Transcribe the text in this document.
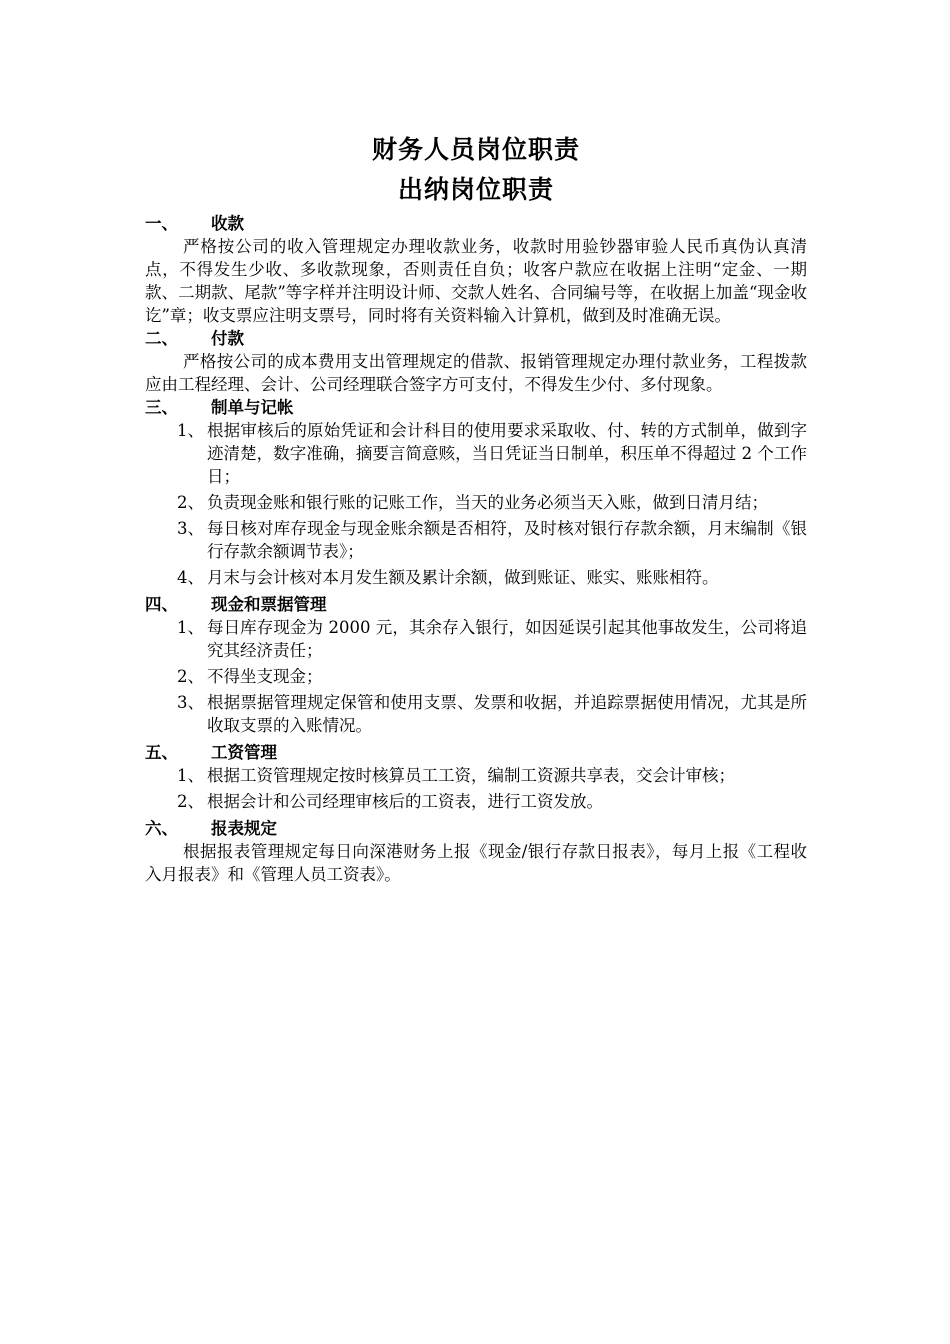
财务人员岗位职责
出纳岗位职责

一、 收款

严格按公司的收入管理规定办理收款业务，收款时用验钞器审验人民币真伪认真清点，不得发生少收、多收款现象，否则责任自负；收客户款应在收据上注明“定金、一期款、二期款、尾款”等字样并注明设计师、交款人姓名、合同编号等，在收据上加盖“现金收讫”章；收支票应注明支票号，同时将有关资料输入计算机，做到及时准确无误。

二、 付款

严格按公司的成本费用支出管理规定的借款、报销管理规定办理付款业务，工程拨款应由工程经理、会计、公司经理联合签字方可支付，不得发生少付、多付现象。

三、 制单与记帐

1、 根据审核后的原始凭证和会计科目的使用要求采取收、付、转的方式制单，做到字迹清楚，数字准确，摘要言简意赅，当日凭证当日制单，积压单不得超过 2 个工作日；
2、 负责现金账和银行账的记账工作，当天的业务必须当天入账，做到日清月结；
3、 每日核对库存现金与现金账余额是否相符，及时核对银行存款余额，月末编制《银行存款余额调节表》；
4、 月末与会计核对本月发生额及累计余额，做到账证、账实、账账相符。

四、 现金和票据管理

1、 每日库存现金为 2000 元，其余存入银行，如因延误引起其他事故发生，公司将追究其经济责任；
2、 不得坐支现金；
3、 根据票据管理规定保管和使用支票、发票和收据，并追踪票据使用情况，尤其是所收取支票的入账情况。

五、 工资管理

1、 根据工资管理规定按时核算员工工资，编制工资源共享表，交会计审核；
2、 根据会计和公司经理审核后的工资表，进行工资发放。

六、 报表规定

根据报表管理规定每日向深港财务上报《现金/银行存款日报表》，每月上报《工程收入月报表》和《管理人员工资表》。
